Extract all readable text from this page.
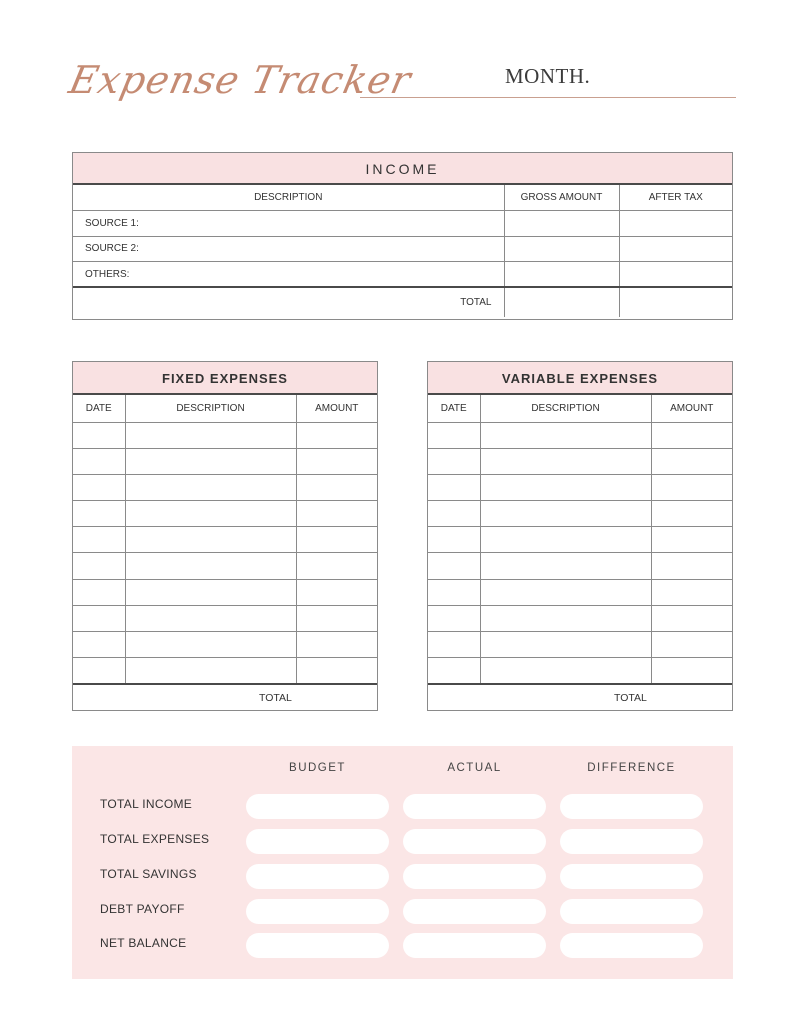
Expense Tracker	MONTH.
INCOME
DESCRIPTION	GROSS AMOUNT	AFTER TAX
SOURCE 1:		
SOURCE 2:		
OTHERS:		
TOTAL		
FIXED EXPENSES
DATE	DESCRIPTION	AMOUNT

TOTAL
VARIABLE EXPENSES
DATE	DESCRIPTION	AMOUNT

TOTAL
BUDGET	ACTUAL	DIFFERENCE
TOTAL INCOME
TOTAL EXPENSES
TOTAL SAVINGS
DEBT PAYOFF
NET BALANCE
